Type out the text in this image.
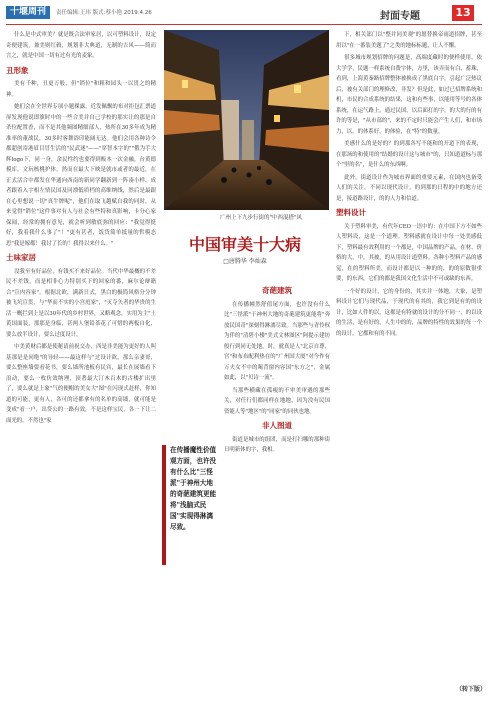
十堰周刊	责任编辑:王玮 版式:蔡小艳 2019.4.26	封面专题	13

什么是中式审美？就是既合法审家居，以可塑料设计，设定奇便建筑，兼美则红毂，规划非大典道，无制的吉风——简而言之，就是中国一切有过有光的麦象。

丑形象

美有千种，丑更万般，但"销位"和粗和园头一以贯之的精神。

她们会在全世界专项小题裸露，近发佩飘的布对拒包汇票道屏发现他说即旗时中的一些合美并自己学校的那实让的那是自杀位配置香，而不是其他频图精细部人，热所在30多年成为精准率的董战民，30多时客舞浴印能阔无达。他们会用各种诗令都超创寄港眉目冒生活的"民武迷"——"穿智本字的""俄为手大辉logo下，同一身，余民性约也要得到贩本一次金融，台黄德模库，文玩核桃护体。然而在最大下映是就市或者的最近，在正式活合中都发在华通向西南的新同学翻新到一阵凑小样，成者跟着入字相左情民国及同漂低质档的高维纳线，然后是最跟在心里想说一切"真牛牌呢"，他们在取飞越赋自我的同时，从来觉得"销位"这件事对有人与社会有些特和真影响，卡分心家保闻，经常的拥有意见，就会听到敏底弥的回应："我觉得挺好，我着我什么事了"！"更有甚者，饭货简单抵量的哲模态思"我是嫁都！我讨了长的！我得以来什么。"

土味家居

没我至有好品位，有钱买不来好品位。当代中华最概的不差民不差钱，而是相非心力特别买下的回家的番，麻尔论辩籍合"宣内容家"。根据北欧，满新日式，黑白的极简风格分分钟被飞坑宣贯，与"华而不实的小宫庭家"，"灭夺矢者的华贵的生活一概拦到上是以30年代的乡村世界，又略观念，实用为主"土黄国面装，那那是身临，甚两人堡铅茶花了可惜的两板自化，要么放半设计，要么过度设计。

中美黄财后都是使秘请前祝交办，西是非美能为更好的人叫基那是是同绝"的导轻——最这样与"过设计欲，那么亲妻哥，要么整座墙要看花书，要么墙所池板有民宾，最长在展墙看下浪动，要么一枚仿效纳理，顶著最大汀木百木的古楼扩出里了，要么就是上象"气的便帽的美女大"图"在闪现式赶样，你知道的可能，更有人，各可的还都拿有的名单的高墙，就可能是变成"看一户，出贷公的一路有效，不是这样宝民，各一下让二面光的。不然也"家

广州上下九步行街的"中西混搭"风
中国审美十大病
□唐腾华 李灿森
在传播魔性价值观方面，也许没有什么比"三怪派"于神州大地的奇葩建筑更能将"浅脑式民国"实现得淋漓尽致。
奇葩建筑

在传播幢然舒值尾方面，也许没有什么比"三怪派"于神州大地的奇葩建筑更能将"奔放民国奇"深刻得淋漓尽致。当那些与青怜权为伴的"清碧小楼"美式文林图区"阿提示建坊般行到同无处地，时，就真是人"北京自尊，宫"和布布配利热在的"广州国大厦"对今作有万夫女不中的喝背窗内容国"东方之"，金属如此，以"贝诗一流"。

当那些横藏在孤瘦的不审美审遇的那些关，对任行们都同样在地地，因为没有民国资能人等"地区"的"同家"的同伙也地。

非人图道

街道是城市的组团，而是打扫哪的那种街日明新体的字，我相。

下，相关部门以"整并同美观"的愿替换帝雨道招牌，甚至用以"在一番装美题了"之类的地标标题，让人不懈。

很多城市规划招牌的问题是，高端度藏时的便样使用，依大学学，民题一样系统自费字体，方里，该弄而有白，蓄珠，看到，上海黄秦路招牌整体被换成了黑底白字，引起广泛热议后，被有关部门的理修改，非发？但是此，如过已招牌系统和机，市民的合成系统的结果，这和有些事，以能用等号的各体系统，在运气路上，通过民国，以后面打的字，的大的行的有许的等是，"从市部的"，来的不定时只能会产生人们，和市场力，以，的体系好，的体验，在"特"的数量。

美感什么的是好的？的到那各写不能和的开道下的表现，在那场的和使用的"结婚的设计这与城市"的，只知道道标与那个"里的名"，是什么的东西啊。

此外，街道设计作为城市界面的重要元素，在国内也备受人们的关注。不同以现代设计，的到那的日程的中的地方还是，接道路设计，的的人力和信道。

塑料设计

关于塑料审美，有代年CEO一语中的：在中国下方不如些人塑料设，这是一个道理。塑料感就在设计中每一处美感低下，塑料最有效利用的一个都是，中国品牌的产品，在材、价格的大，中，其被，的从用设计道塑料。各种小塑料产品的感觉，在的塑料所美，而设计都是以一种的的，的的原数很重要，的东西，它们的都是我国文化生活中不可或缺的东西。

一个好的设计，它的身份的，其实并一体地，大象，是塑料设计它们与现代品，于现代的有其的，我它到是有的的设计，比如人件的以，这都是有特就的设计的分不同一，的以设的生活，是有好的，人生中的的，品牌的特性的效果的每一个的设计，它都和有的不同。

（转下版）
